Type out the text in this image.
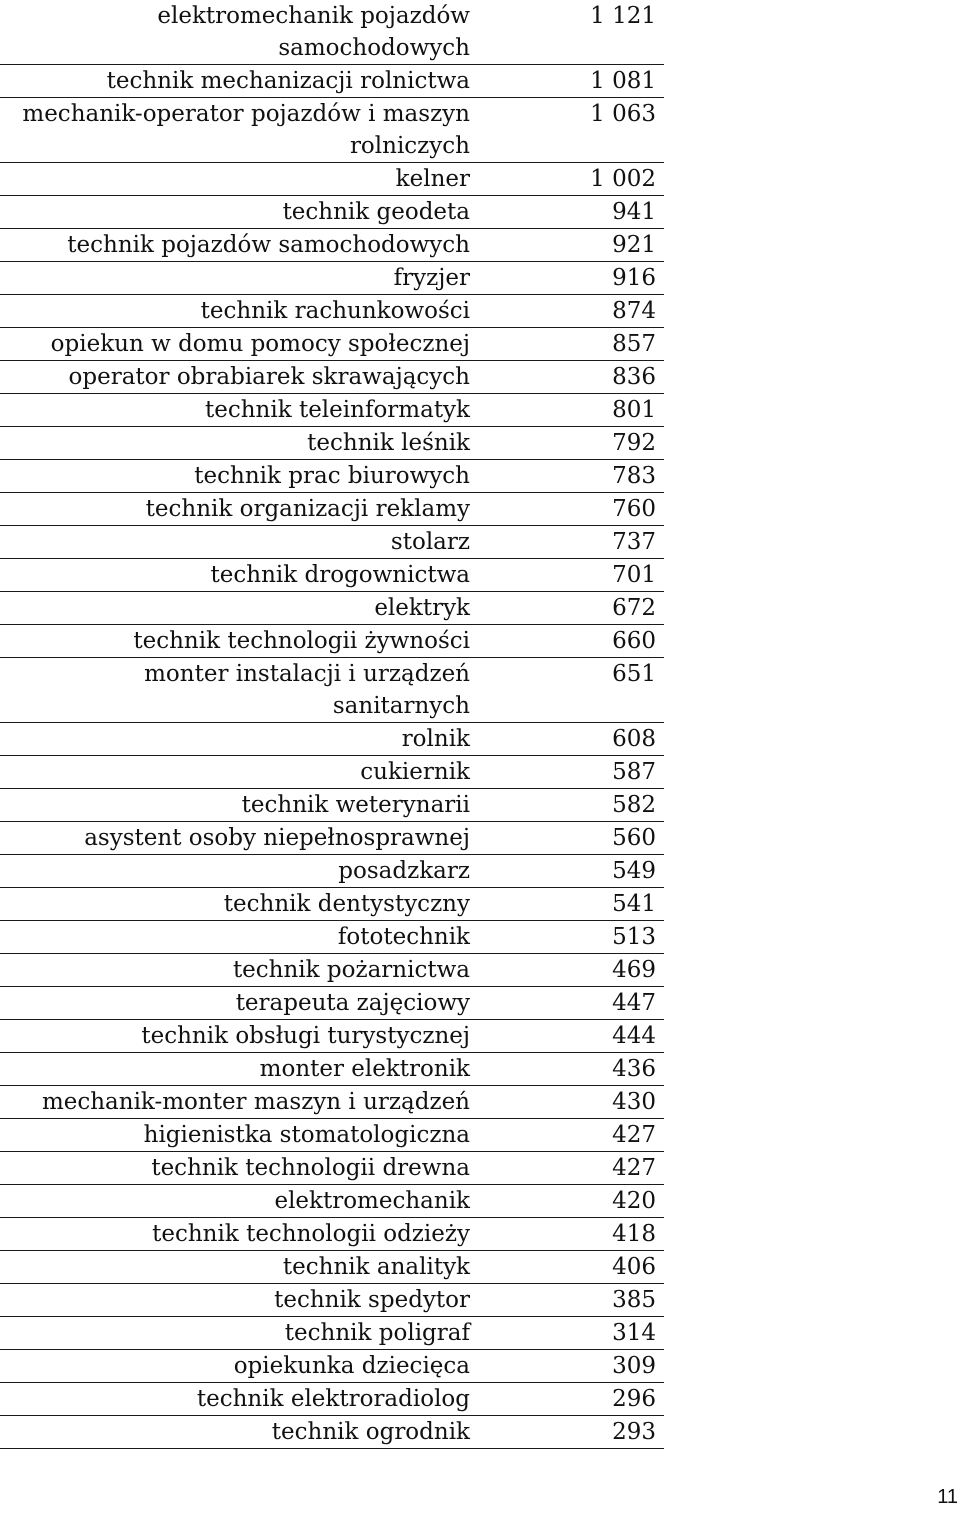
elektromechanik pojazdów samochodowych	1 121
technik mechanizacji rolnictwa	1 081
mechanik-operator pojazdów i maszyn rolniczych	1 063
kelner	1 002
technik geodeta	941
technik pojazdów samochodowych	921
fryzjer	916
technik rachunkowości	874
opiekun w domu pomocy społecznej	857
operator obrabiarek skrawających	836
technik teleinformatyk	801
technik leśnik	792
technik prac biurowych	783
technik organizacji reklamy	760
stolarz	737
technik drogownictwa	701
elektryk	672
technik technologii żywności	660
monter instalacji i urządzeń sanitarnych	651
rolnik	608
cukiernik	587
technik weterynarii	582
asystent osoby niepełnosprawnej	560
posadzkarz	549
technik dentystyczny	541
fototechnik	513
technik pożarnictwa	469
terapeuta zajęciowy	447
technik obsługi turystycznej	444
monter elektronik	436
mechanik-monter maszyn i urządzeń	430
higienistka stomatologiczna	427
technik technologii drewna	427
elektromechanik	420
technik technologii odzieży	418
technik analityk	406
technik spedytor	385
technik poligraf	314
opiekunka dziecięca	309
technik elektroradiolog	296
technik ogrodnik	293
11
